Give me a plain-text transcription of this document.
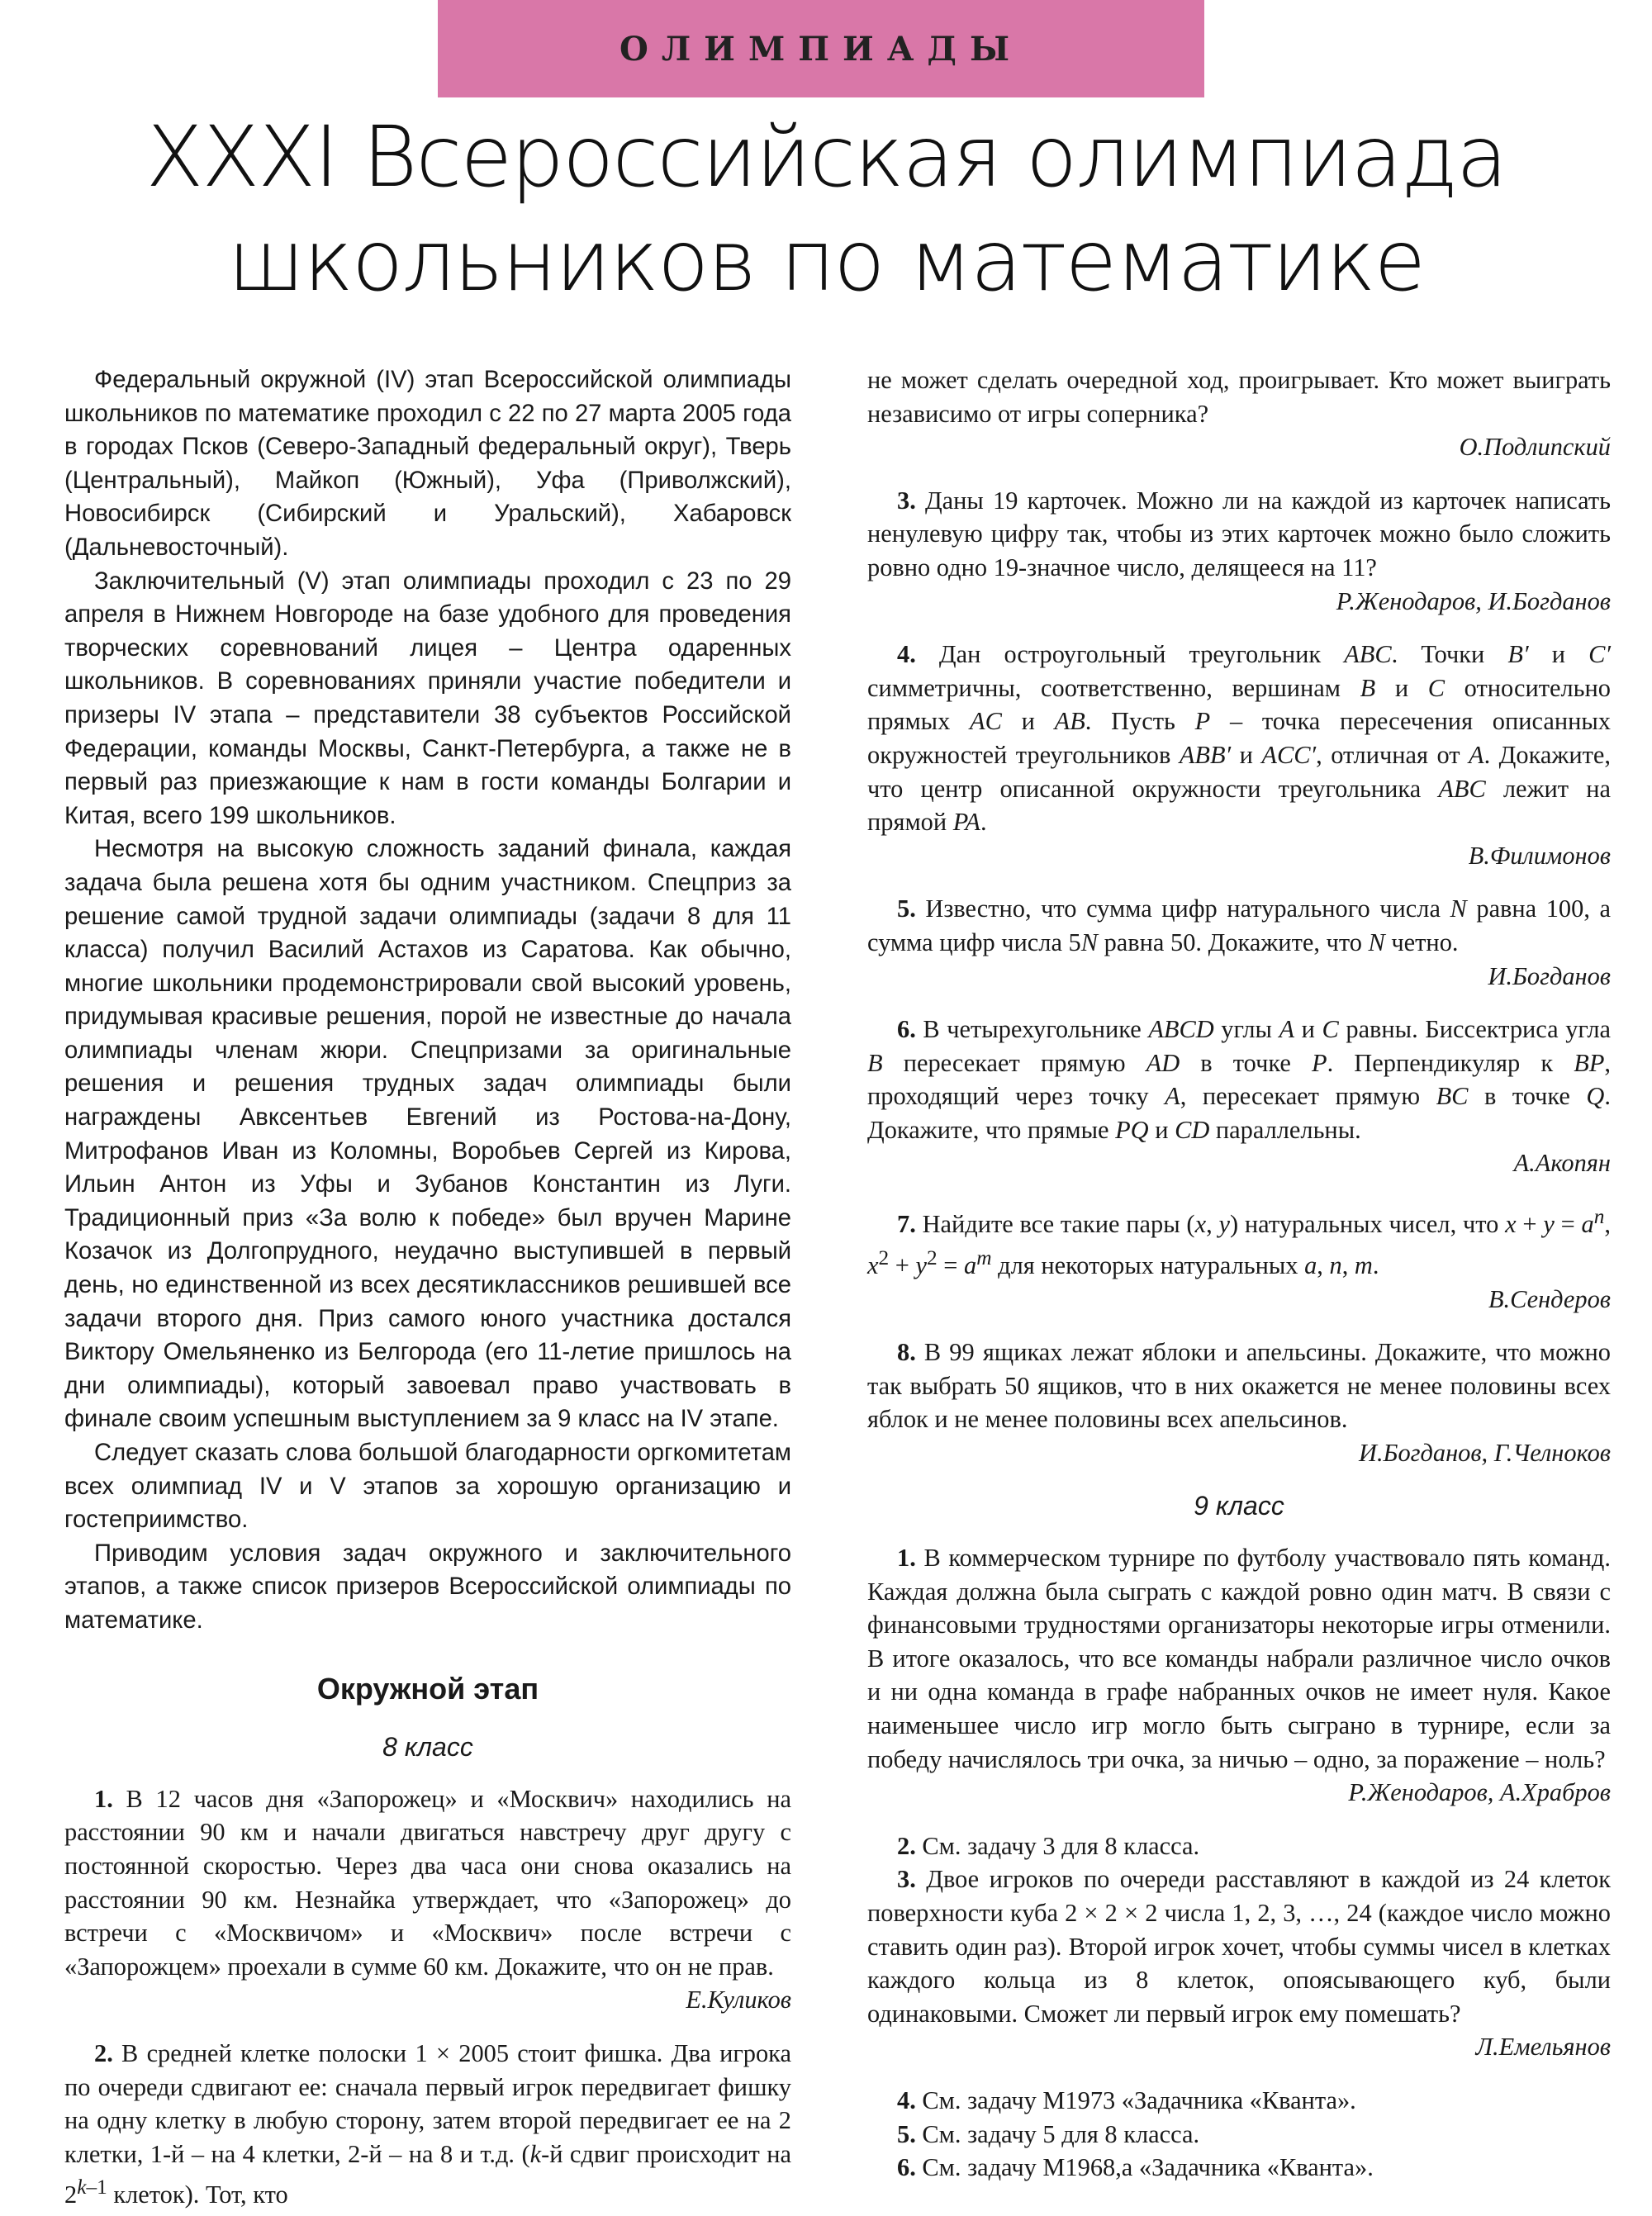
ОЛИМПИАДЫ
XXXI Всероссийская олимпиада
школьников по математике

Федеральный окружной (IV) этап Всероссийской олимпиады школьников по математике проходил с 22 по 27 марта 2005 года в городах Псков (Северо-Западный федеральный округ), Тверь (Центральный), Майкоп (Южный), Уфа (Приволжский), Новосибирск (Сибирский и Уральский), Хабаровск (Дальневосточный).

Заключительный (V) этап олимпиады проходил с 23 по 29 апреля в Нижнем Новгороде на базе удобного для проведения творческих соревнований лицея – Центра одаренных школьников. В соревнованиях приняли участие победители и призеры IV этапа – представители 38 субъектов Российской Федерации, команды Москвы, Санкт-Петербурга, а также не в первый раз приезжающие к нам в гости команды Болгарии и Китая, всего 199 школьников.

Несмотря на высокую сложность заданий финала, каждая задача была решена хотя бы одним участником. Спецприз за решение самой трудной задачи олимпиады (задачи 8 для 11 класса) получил Василий Астахов из Саратова. Как обычно, многие школьники продемонстрировали свой высокий уровень, придумывая красивые решения, порой не известные до начала олимпиады членам жюри. Спецпризами за оригинальные решения и решения трудных задач олимпиады были награждены Авксентьев Евгений из Ростова-на-Дону, Митрофанов Иван из Коломны, Воробьев Сергей из Кирова, Ильин Антон из Уфы и Зубанов Константин из Луги. Традиционный приз «За волю к победе» был вручен Марине Козачок из Долгопрудного, неудачно выступившей в первый день, но единственной из всех десятиклассников решившей все задачи второго дня. Приз самого юного участника достался Виктору Омельяненко из Белгорода (его 11-летие пришлось на дни олимпиады), который завоевал право участвовать в финале своим успешным выступлением за 9 класс на IV этапе.

Следует сказать слова большой благодарности оргкомитетам всех олимпиад IV и V этапов за хорошую организацию и гостеприимство.

Приводим условия задач окружного и заключительного этапов, а также список призеров Всероссийской олимпиады по математике.

Окружной этап
8 класс

1. В 12 часов дня «Запорожец» и «Москвич» находились на расстоянии 90 км и начали двигаться навстречу друг другу с постоянной скоростью. Через два часа они снова оказались на расстоянии 90 км. Незнайка утверждает, что «Запорожец» до встречи с «Москвичом» и «Москвич» после встречи с «Запорожцем» проехали в сумме 60 км. Докажите, что он не прав.

Е.Куликов

2. В средней клетке полоски 1 × 2005 стоит фишка. Два игрока по очереди сдвигают ее: сначала первый игрок передвигает фишку на одну клетку в любую сторону, затем второй передвигает ее на 2 клетки, 1-й – на 4 клетки, 2-й – на 8 и т.д. (k-й сдвиг происходит на 2$^{k-1}$ клеток). Тот, кто

не может сделать очередной ход, проигрывает. Кто может выиграть независимо от игры соперника?

О.Подлипский

3. Даны 19 карточек. Можно ли на каждой из карточек написать ненулевую цифру так, чтобы из этих карточек можно было сложить ровно одно 19-значное число, делящееся на 11?

Р.Женодаров, И.Богданов

4. Дан остроугольный треугольник ABC. Точки B′ и C′ симметричны, соответственно, вершинам B и C относительно прямых AC и AB. Пусть P – точка пересечения описанных окружностей треугольников ABB′ и ACC′, отличная от A. Докажите, что центр описанной окружности треугольника ABC лежит на прямой PA.

В.Филимонов

5. Известно, что сумма цифр натурального числа N равна 100, а сумма цифр числа 5N равна 50. Докажите, что N четно.

И.Богданов

6. В четырехугольнике ABCD углы A и C равны. Биссектриса угла B пересекает прямую AD в точке P. Перпендикуляр к BP, проходящий через точку A, пересекает прямую BC в точке Q. Докажите, что прямые PQ и CD параллельны.

А.Акопян

7. Найдите все такие пары (x, y) натуральных чисел, что $x + y = a^n$, $x^2 + y^2 = a^m$ для некоторых натуральных a, n, m.

В.Сендеров

8. В 99 ящиках лежат яблоки и апельсины. Докажите, что можно так выбрать 50 ящиков, что в них окажется не менее половины всех яблок и не менее половины всех апельсинов.

И.Богданов, Г.Челноков
9 класс

1. В коммерческом турнире по футболу участвовало пять команд. Каждая должна была сыграть с каждой ровно один матч. В связи с финансовыми трудностями организаторы некоторые игры отменили. В итоге оказалось, что все команды набрали различное число очков и ни одна команда в графе набранных очков не имеет нуля. Какое наименьшее число игр могло быть сыграно в турнире, если за победу начислялось три очка, за ничью – одно, за поражение – ноль?

Р.Женодаров, А.Храбров

2. См. задачу 3 для 8 класса.

3. Двое игроков по очереди расставляют в каждой из 24 клеток поверхности куба 2 × 2 × 2 числа 1, 2, 3, …, 24 (каждое число можно ставить один раз). Второй игрок хочет, чтобы суммы чисел в клетках каждого кольца из 8 клеток, опоясывающего куб, были одинаковыми. Сможет ли первый игрок ему помешать?

Л.Емельянов

4. См. задачу М1973 «Задачника «Кванта».

5. См. задачу 5 для 8 класса.

6. См. задачу М1968,а «Задачника «Кванта».
